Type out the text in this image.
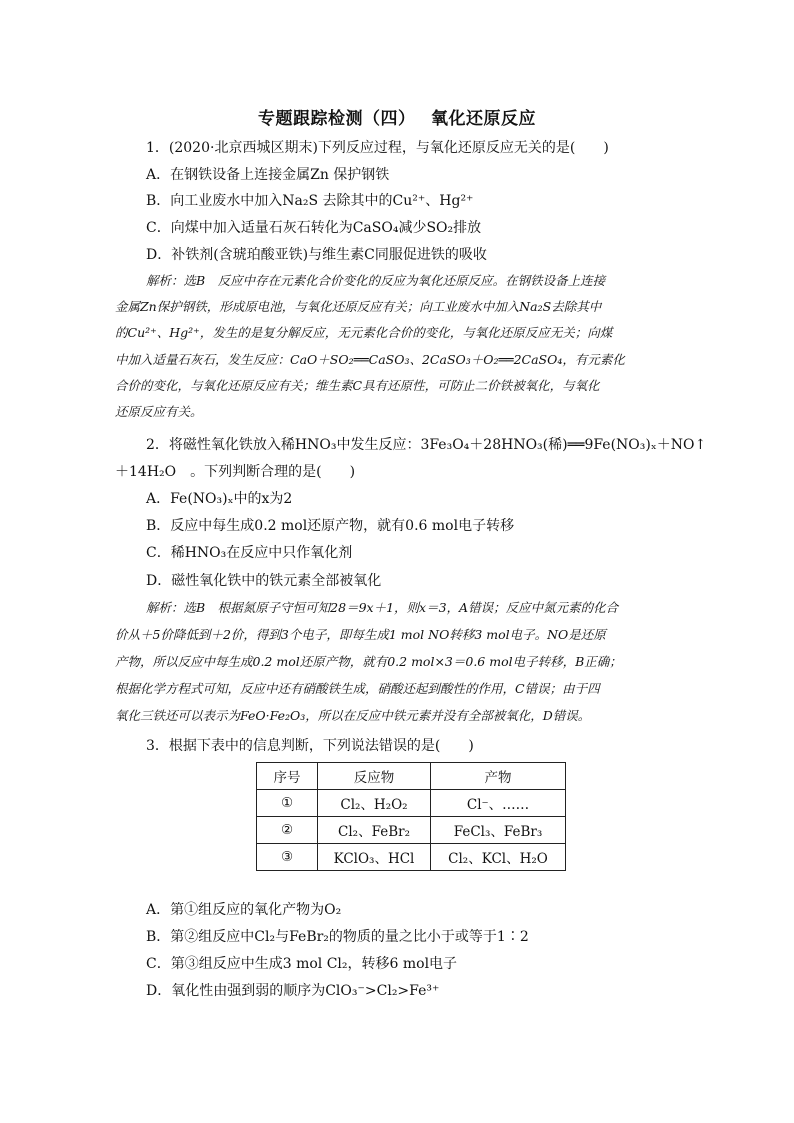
专题跟踪检测（四）　 氧化还原反应
1．(2020·北京西城区期末)下列反应过程，与氧化还原反应无关的是(　　)
A．在钢铁设备上连接金属Zn 保护钢铁
B．向工业废水中加入Na₂S 去除其中的Cu²⁺、Hg²⁺
C．向煤中加入适量石灰石转化为CaSO₄减少SO₂排放
D．补铁剂(含琥珀酸亚铁)与维生素C同服促进铁的吸收
解析：选B　反应中存在元素化合价变化的反应为氧化还原反应。在钢铁设备上连接
金属Zn保护钢铁，形成原电池，与氧化还原反应有关；向工业废水中加入Na₂S去除其中
的Cu²⁺、Hg²⁺，发生的是复分解反应，无元素化合价的变化，与氧化还原反应无关；向煤
中加入适量石灰石，发生反应：CaO＋SO₂══CaSO₃、2CaSO₃＋O₂══2CaSO₄，有元素化
合价的变化，与氧化还原反应有关；维生素C具有还原性，可防止二价铁被氧化，与氧化
还原反应有关。
2．将磁性氧化铁放入稀HNO₃中发生反应：3Fe₃O₄＋28HNO₃(稀)══9Fe(NO₃)ₓ＋NO↑
＋14H₂O　。下列判断合理的是(　　)
A．Fe(NO₃)ₓ中的x为2
B．反应中每生成0.2 mol还原产物，就有0.6 mol电子转移
C．稀HNO₃在反应中只作氧化剂
D．磁性氧化铁中的铁元素全部被氧化
解析：选B　根据氮原子守恒可知28＝9x＋1，则x＝3，A错误；反应中氮元素的化合
价从＋5价降低到＋2价，得到3个电子，即每生成1 mol NO转移3 mol电子。NO是还原
产物，所以反应中每生成0.2 mol还原产物，就有0.2 mol×3＝0.6 mol电子转移，B正确；
根据化学方程式可知，反应中还有硝酸铁生成，硝酸还起到酸性的作用，C错误；由于四
氧化三铁还可以表示为FeO·Fe₂O₃，所以在反应中铁元素并没有全部被氧化，D错误。
3．根据下表中的信息判断，下列说法错误的是(　　)
序号	反应物	产物
①	Cl₂、H₂O₂	Cl⁻、……
②	Cl₂、FeBr₂	FeCl₃、FeBr₃
③	KClO₃、HCl	Cl₂、KCl、H₂O
A．第①组反应的氧化产物为O₂
B．第②组反应中Cl₂与FeBr₂的物质的量之比小于或等于1∶2
C．第③组反应中生成3 mol Cl₂，转移6 mol电子
D．氧化性由强到弱的顺序为ClO₃⁻>Cl₂>Fe³⁺
